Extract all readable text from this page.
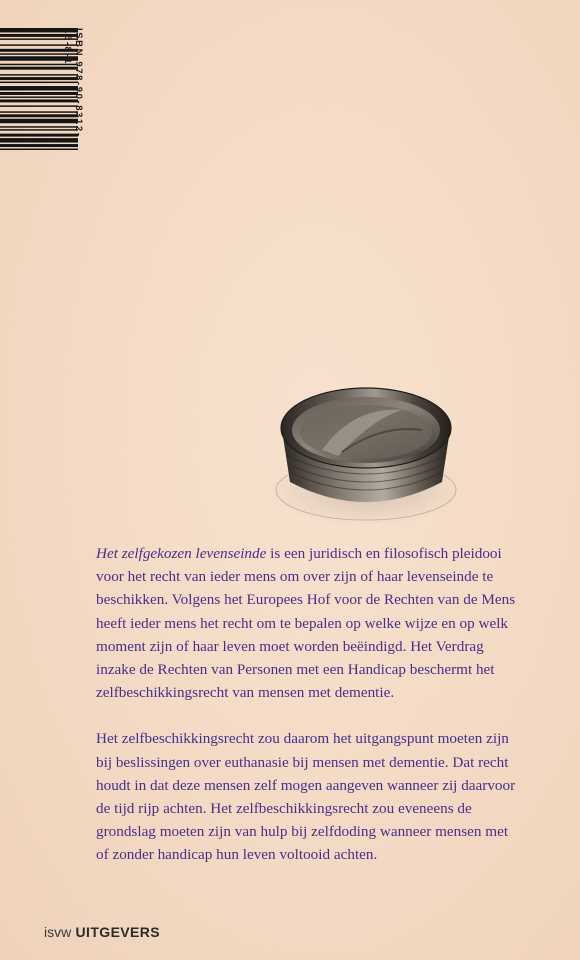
ISBN 978-90-8312-15-8-1

Het zelfgekozen levenseinde is een juridisch en filosofisch pleidooi voor het recht van ieder mens om over zijn of haar levenseinde te beschikken. Volgens het Europees Hof voor de Rechten van de Mens heeft ieder mens het recht om te bepalen op welke wijze en op welk moment zijn of haar leven moet worden beëindigd. Het Verdrag inzake de Rechten van Personen met een Handicap beschermt het zelfbeschikkingsrecht van mensen met dementie.

Het zelfbeschikkingsrecht zou daarom het uitgangspunt moeten zijn bij beslissingen over euthanasie bij mensen met dementie. Dat recht houdt in dat deze mensen zelf mogen aangeven wanneer zij daarvoor de tijd rijp achten. Het zelfbeschikkingsrecht zou eveneens de grondslag moeten zijn van hulp bij zelfdoding wanneer mensen met of zonder handicap hun leven voltooid achten.

isvw UITGEVERS
